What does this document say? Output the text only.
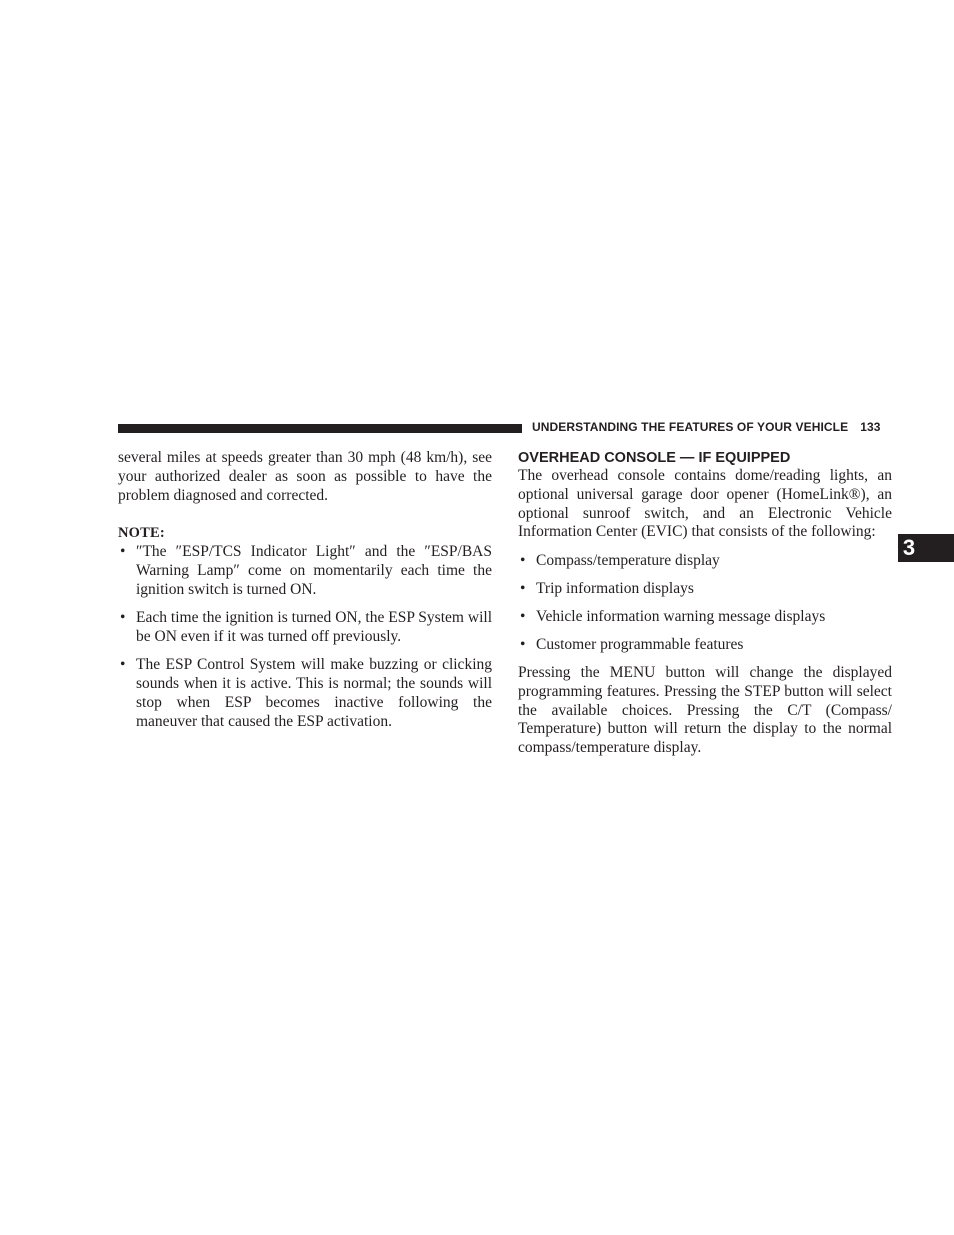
UNDERSTANDING THE FEATURES OF YOUR VEHICLE 133
3

several miles at speeds greater than 30 mph (48 km/h), see your authorized dealer as soon as possible to have the problem diagnosed and corrected.

NOTE:

• ″The ″ESP/TCS Indicator Light″ and the ″ESP/BAS Warning Lamp″ come on momentarily each time the ignition switch is turned ON.
• Each time the ignition is turned ON, the ESP System will be ON even if it was turned off previously.
• The ESP Control System will make buzzing or clicking sounds when it is active. This is normal; the sounds will stop when ESP becomes inactive following the maneuver that caused the ESP activation.
OVERHEAD CONSOLE — IF EQUIPPED

The overhead console contains dome/reading lights, an optional universal garage door opener (HomeLink®), an optional sunroof switch, and an Electronic Vehicle Information Center (EVIC) that consists of the following:

• Compass/temperature display
• Trip information displays
• Vehicle information warning message displays
• Customer programmable features

Pressing the MENU button will change the displayed programming features. Pressing the STEP button will select the available choices. Pressing the C/T (Compass/ Temperature) button will return the display to the normal compass/temperature display.
